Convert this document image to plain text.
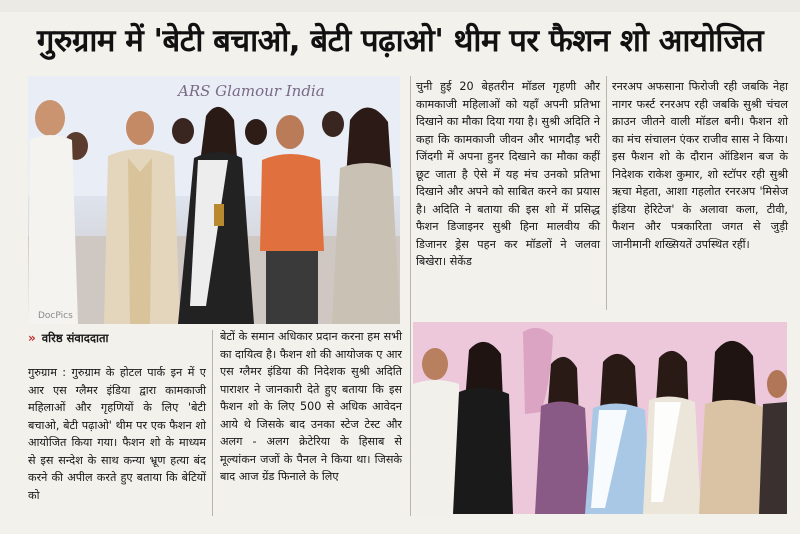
गुरुग्राम में 'बेटी बचाओ, बेटी पढ़ाओ' थीम पर फैशन शो आयोजित
ARS Glamour India
DocPics
» वरिष्ठ संवाददाता

गुरुग्राम : गुरुग्राम के होटल पार्क इन में ए आर एस ग्लैमर इंडिया द्वारा कामकाजी महिलाओं और गृहणियों के लिए 'बेटी बचाओ, बेटी पढ़ाओ' थीम पर एक फैशन शो आयोजित किया गया। फैशन शो के माध्यम से इस सन्देश के साथ कन्या भ्रूण हत्या बंद करने की अपील करते हुए बताया कि बेटियों को

बेटों के समान अधिकार प्रदान करना हम सभी का दायित्व है। फैशन शो की आयोजक ए आर एस ग्लैमर इंडिया की निदेशक सुश्री अदिति पाराशर ने जानकारी देते हुए बताया कि इस फैशन शो के लिए 500 से अधिक आवेदन आये थे जिसके बाद उनका स्टेज टेस्ट और अलग - अलग क्रेटेरिया के हिसाब से मूल्यांकन जजों के पैनल ने किया था। जिसके बाद आज ग्रेंड फिनाले के लिए

चुनी हुई 20 बेहतरीन मॉडल गृहणी और कामकाजी महिलाओं को यहाँ अपनी प्रतिभा दिखाने का मौका दिया गया है। सुश्री अदिति ने कहा कि कामकाजी जीवन और भागदौड़ भरी जिंदगी में अपना हुनर दिखाने का मौका कहीं छूट जाता है ऐसे में यह मंच उनको प्रतिभा दिखाने और अपने को साबित करने का प्रयास है। अदिति ने बताया की इस शो में प्रसिद्ध फैशन डिजाइनर सुश्री हिना मालवीय की डिजानर ड्रेस पहन कर मॉडलों ने जलवा बिखेरा। सेकेंड

रनरअप अफसाना फिरोजी रही जबकि नेहा नागर फर्स्ट रनरअप रही जबकि सुश्री चंचल क्राउन जीतने वाली मॉडल बनी। फैशन शो का मंच संचालन एंकर राजीव सास ने किया। इस फैशन शो के दौरान ऑडिशन बज के निदेशक राकेश कुमार, शो स्टॉपर रही सुश्री ऋचा मेहता, आशा गहलोत रनरअप 'मिसेज इंडिया हेरिटेज' के अलावा कला, टीवी, फैशन और पत्रकारिता जगत से जुड़ी जानीमानी शख्सियतें उपस्थित रहीं।
